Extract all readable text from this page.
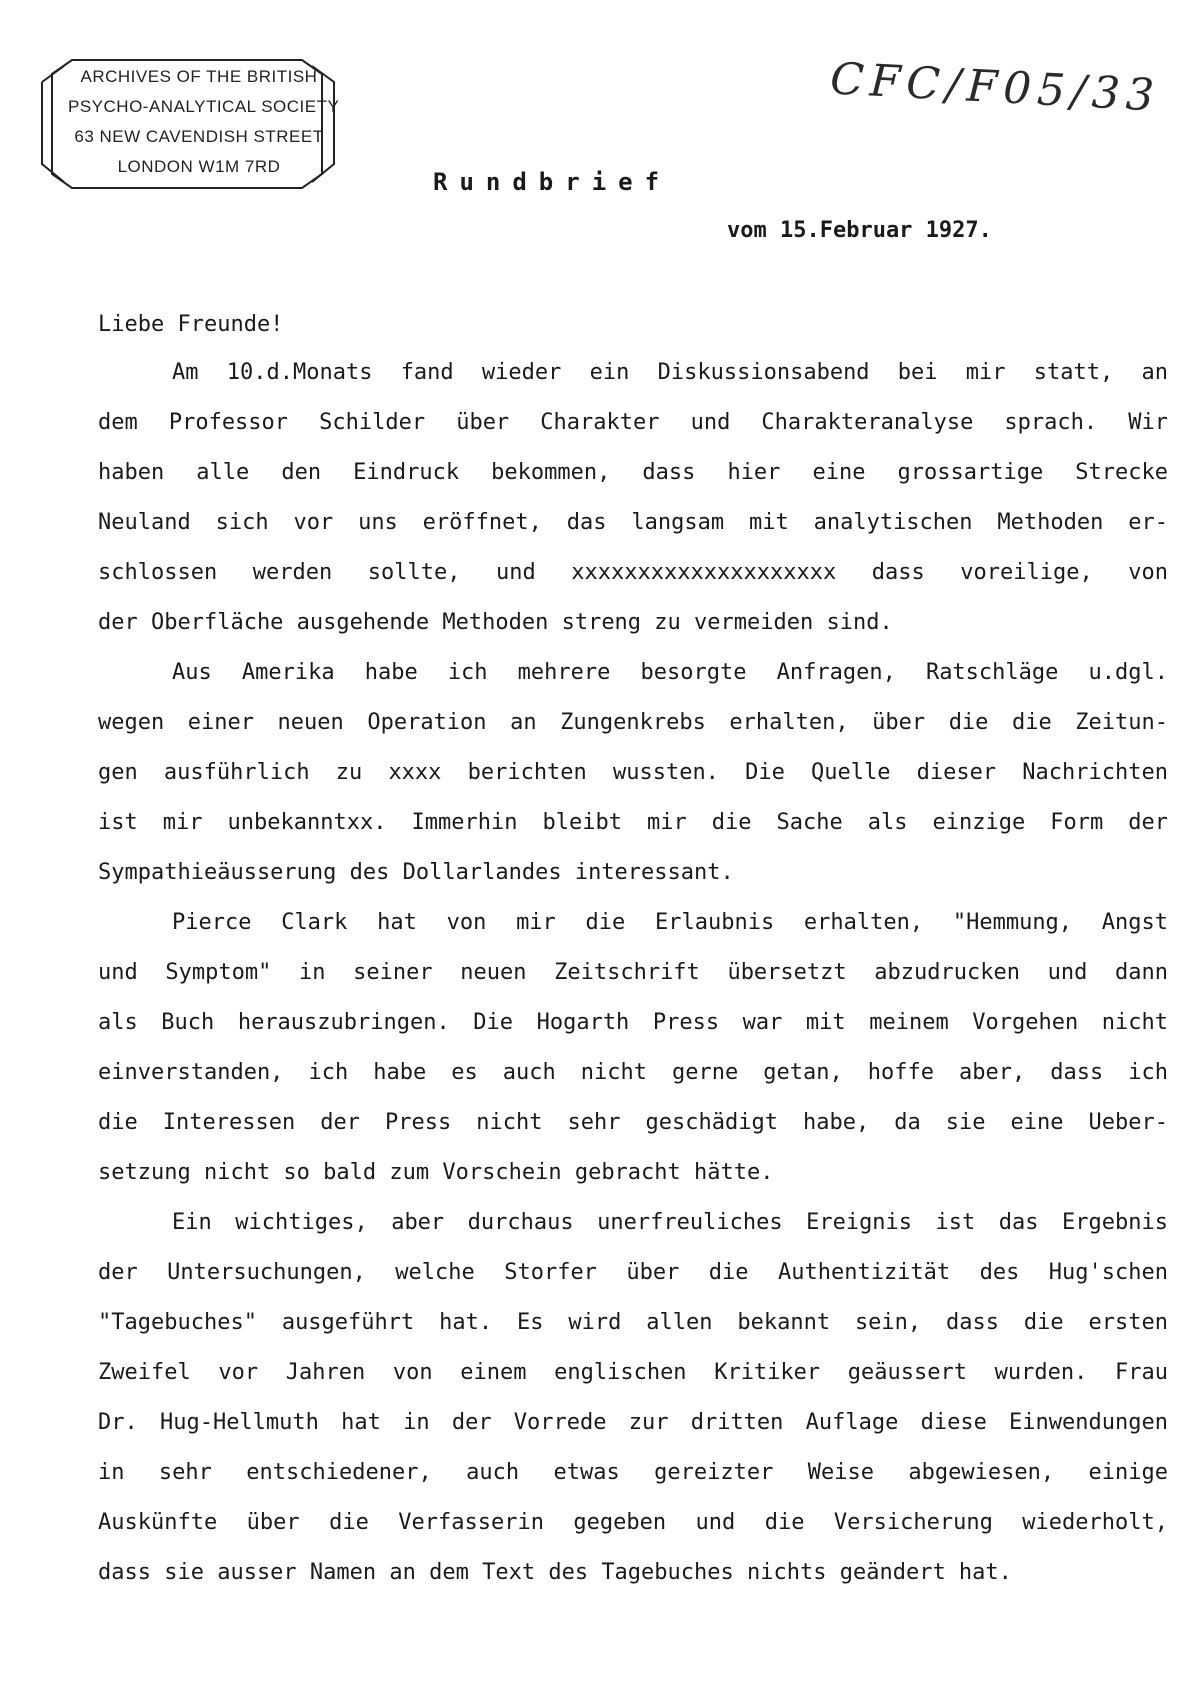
ARCHIVES OF THE BRITISH
PSYCHO-ANALYTICAL SOCIETY
63 NEW CAVENDISH STREET
LONDON W1M 7RD
CFC/F05/33
Rundbrief
vom 15.Februar 1927.
Liebe Freunde!
Am 10.d.Monats fand wieder ein Diskussionsabend bei mir statt, an
dem Professor Schilder über Charakter und Charakteranalyse sprach. Wir
haben alle den Eindruck bekommen, dass hier eine grossartige Strecke
Neuland sich vor uns eröffnet, das langsam mit analytischen Methoden er-
schlossen werden sollte, und xxxxxxxxxxxxxxxxxxxx dass voreilige, von
der Oberfläche ausgehende Methoden streng zu vermeiden sind.
Aus Amerika habe ich mehrere besorgte Anfragen, Ratschläge u.dgl.
wegen einer neuen Operation an Zungenkrebs erhalten, über die die Zeitun-
gen ausführlich zu xxxx berichten wussten. Die Quelle dieser Nachrichten
ist mir unbekanntxx. Immerhin bleibt mir die Sache als einzige Form der
Sympathieäusserung des Dollarlandes interessant.
Pierce Clark hat von mir die Erlaubnis erhalten, "Hemmung, Angst
und Symptom" in seiner neuen Zeitschrift übersetzt abzudrucken und dann
als Buch herauszubringen. Die Hogarth Press war mit meinem Vorgehen nicht
einverstanden, ich habe es auch nicht gerne getan, hoffe aber, dass ich
die Interessen der Press nicht sehr geschädigt habe, da sie eine Ueber-
setzung nicht so bald zum Vorschein gebracht hätte.
Ein wichtiges, aber durchaus unerfreuliches Ereignis ist das Ergebnis
der Untersuchungen, welche Storfer über die Authentizität des Hug'schen
"Tagebuches" ausgeführt hat. Es wird allen bekannt sein, dass die ersten
Zweifel vor Jahren von einem englischen Kritiker geäussert wurden. Frau
Dr. Hug-Hellmuth hat in der Vorrede zur dritten Auflage diese Einwendungen
in sehr entschiedener, auch etwas gereizter Weise abgewiesen, einige
Auskünfte über die Verfasserin gegeben und die Versicherung wiederholt,
dass sie ausser Namen an dem Text des Tagebuches nichts geändert hat.
